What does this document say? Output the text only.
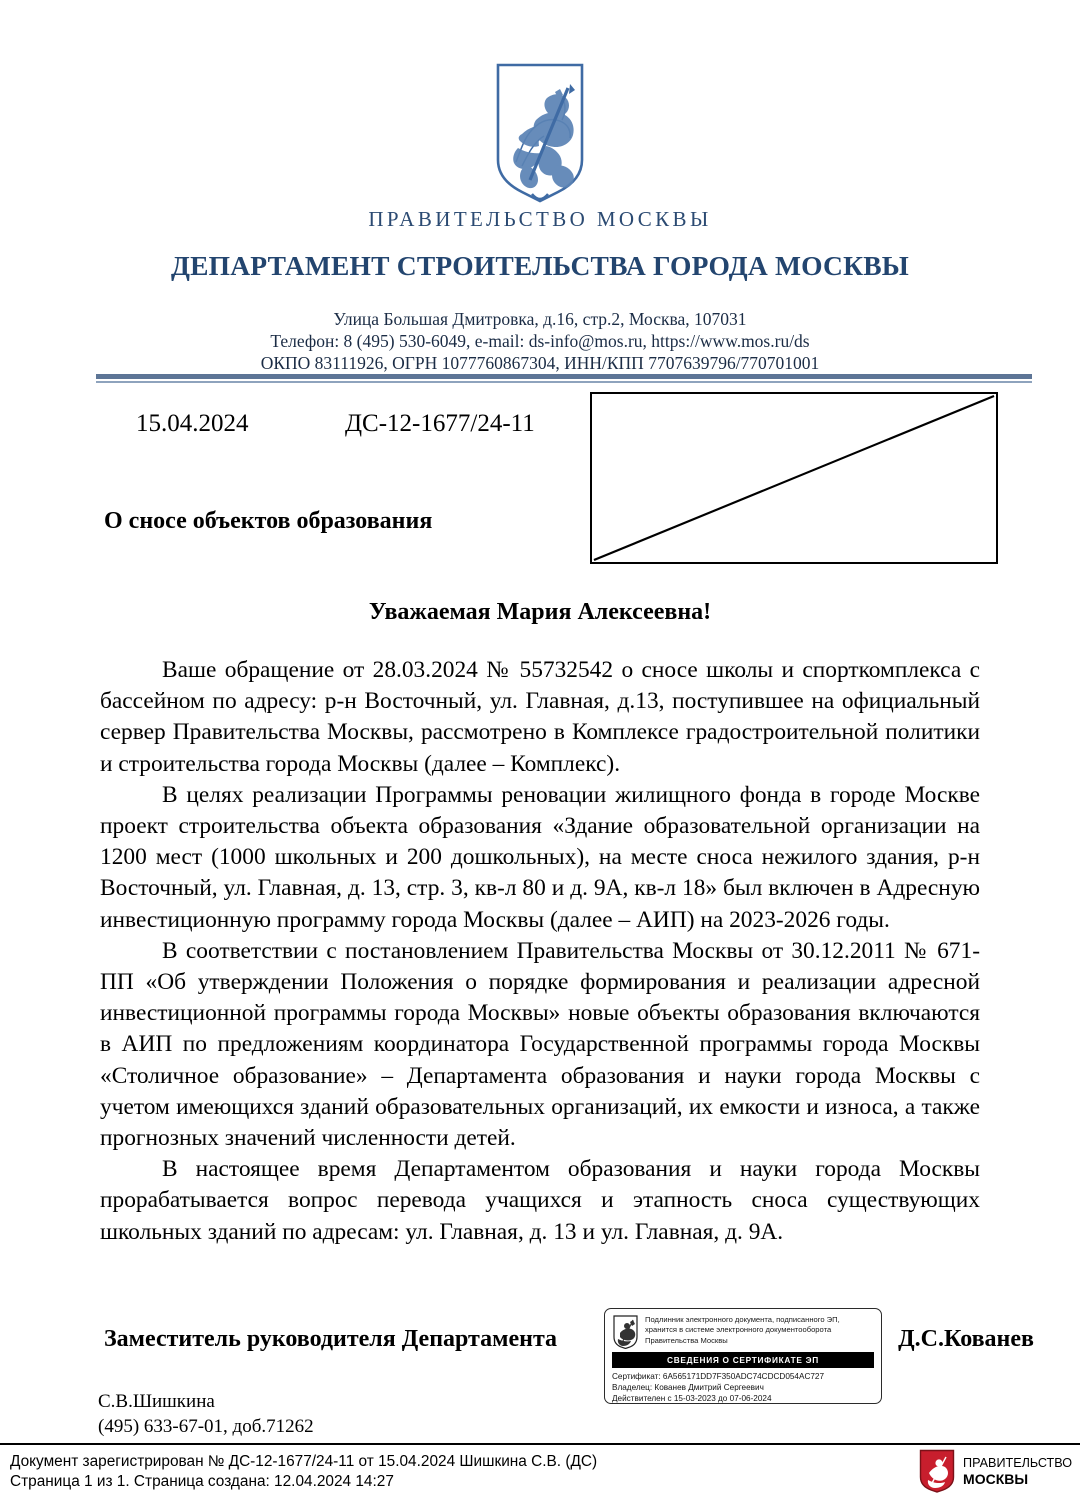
ПРАВИТЕЛЬСТВО МОСКВЫ
ДЕПАРТАМЕНТ СТРОИТЕЛЬСТВА ГОРОДА МОСКВЫ
Улица Большая Дмитровка, д.16, стр.2, Москва, 107031
Телефон: 8 (495) 530-6049, e-mail: ds-info@mos.ru, https://www.mos.ru/ds
ОКПО 83111926, ОГРН 1077760867304, ИНН/КПП 7707639796/770701001
15.04.2024	ДС-12-1677/24-11
О сносе объектов образования
Уважаемая Мария Алексеевна!

Ваше обращение от 28.03.2024 № 55732542 о сносе школы и спорткомплекса с бассейном по адресу: р-н Восточный, ул. Главная, д.13, поступившее на официальный сервер Правительства Москвы, рассмотрено в Комплексе градостроительной политики и строительства города Москвы (далее – Комплекс).

В целях реализации Программы реновации жилищного фонда в городе Москве проект строительства объекта образования «Здание образовательной организации на 1200 мест (1000 школьных и 200 дошкольных), на месте сноса нежилого здания, р-н Восточный, ул. Главная, д. 13, стр. 3, кв-л 80 и д. 9А, кв-л 18» был включен в Адресную инвестиционную программу города Москвы (далее – АИП) на 2023-2026 годы.

В соответствии с постановлением Правительства Москвы от 30.12.2011 № 671-ПП «Об утверждении Положения о порядке формирования и реализации адресной инвестиционной программы города Москвы» новые объекты образования включаются в АИП по предложениям координатора Государственной программы города Москвы «Столичное образование» – Департамента образования и науки города Москвы с учетом имеющихся зданий образовательных организаций, их емкости и износа, а также прогнозных значений численности детей.

В настоящее время Департаментом образования и науки города Москвы прорабатывается вопрос перевода учащихся и этапность сноса существующих школьных зданий по адресам: ул. Главная, д. 13 и ул. Главная, д. 9А.

Заместитель руководителя Департамента	Д.С.Кованев
Подлинник электронного документа, подписанного ЭП,
хранится в системе электронного документооборота
Правительства Москвы
СВЕДЕНИЯ О СЕРТИФИКАТЕ ЭП
Сертификат: 6A565171DD7F350ADC74CDCD054AC727
Владелец: Кованев Дмитрий Сергеевич
Действителен с 15-03-2023 до 07-06-2024
С.В.Шишкина
(495) 633-67-01, доб.71262
Документ зарегистрирован № ДС-12-1677/24-11 от 15.04.2024 Шишкина С.В. (ДС)
Страница 1 из 1. Страница создана: 12.04.2024 14:27
ПРАВИТЕЛЬСТВО
МОСКВЫ
